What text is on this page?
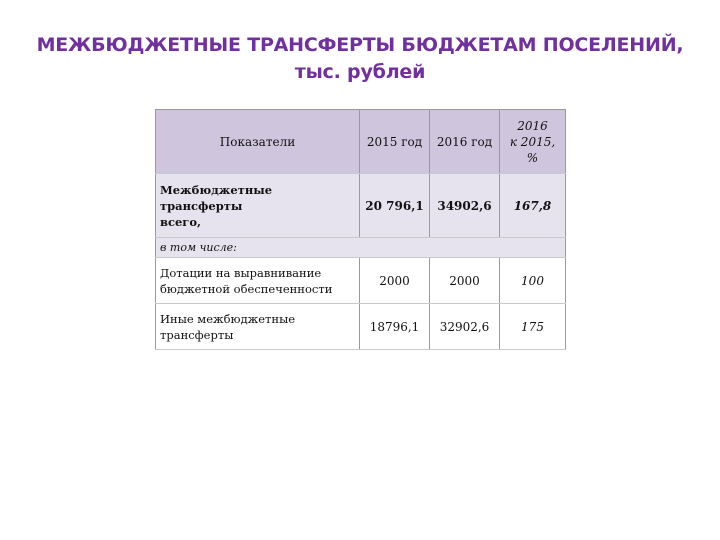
МЕЖБЮДЖЕТНЫЕ ТРАНСФЕРТЫ БЮДЖЕТАМ ПОСЕЛЕНИЙ,
тыс. рублей
Показатели	2015 год	2016 год	2016
к 2015,
%

Межбюджетные трансферты
всего,	20 796,1	34902,6	167,8
в том числе:			

Дотации на выравнивание
бюджетной обеспеченности	2000	2000	100

Иные межбюджетные
трансферты	18796,1	32902,6	175
